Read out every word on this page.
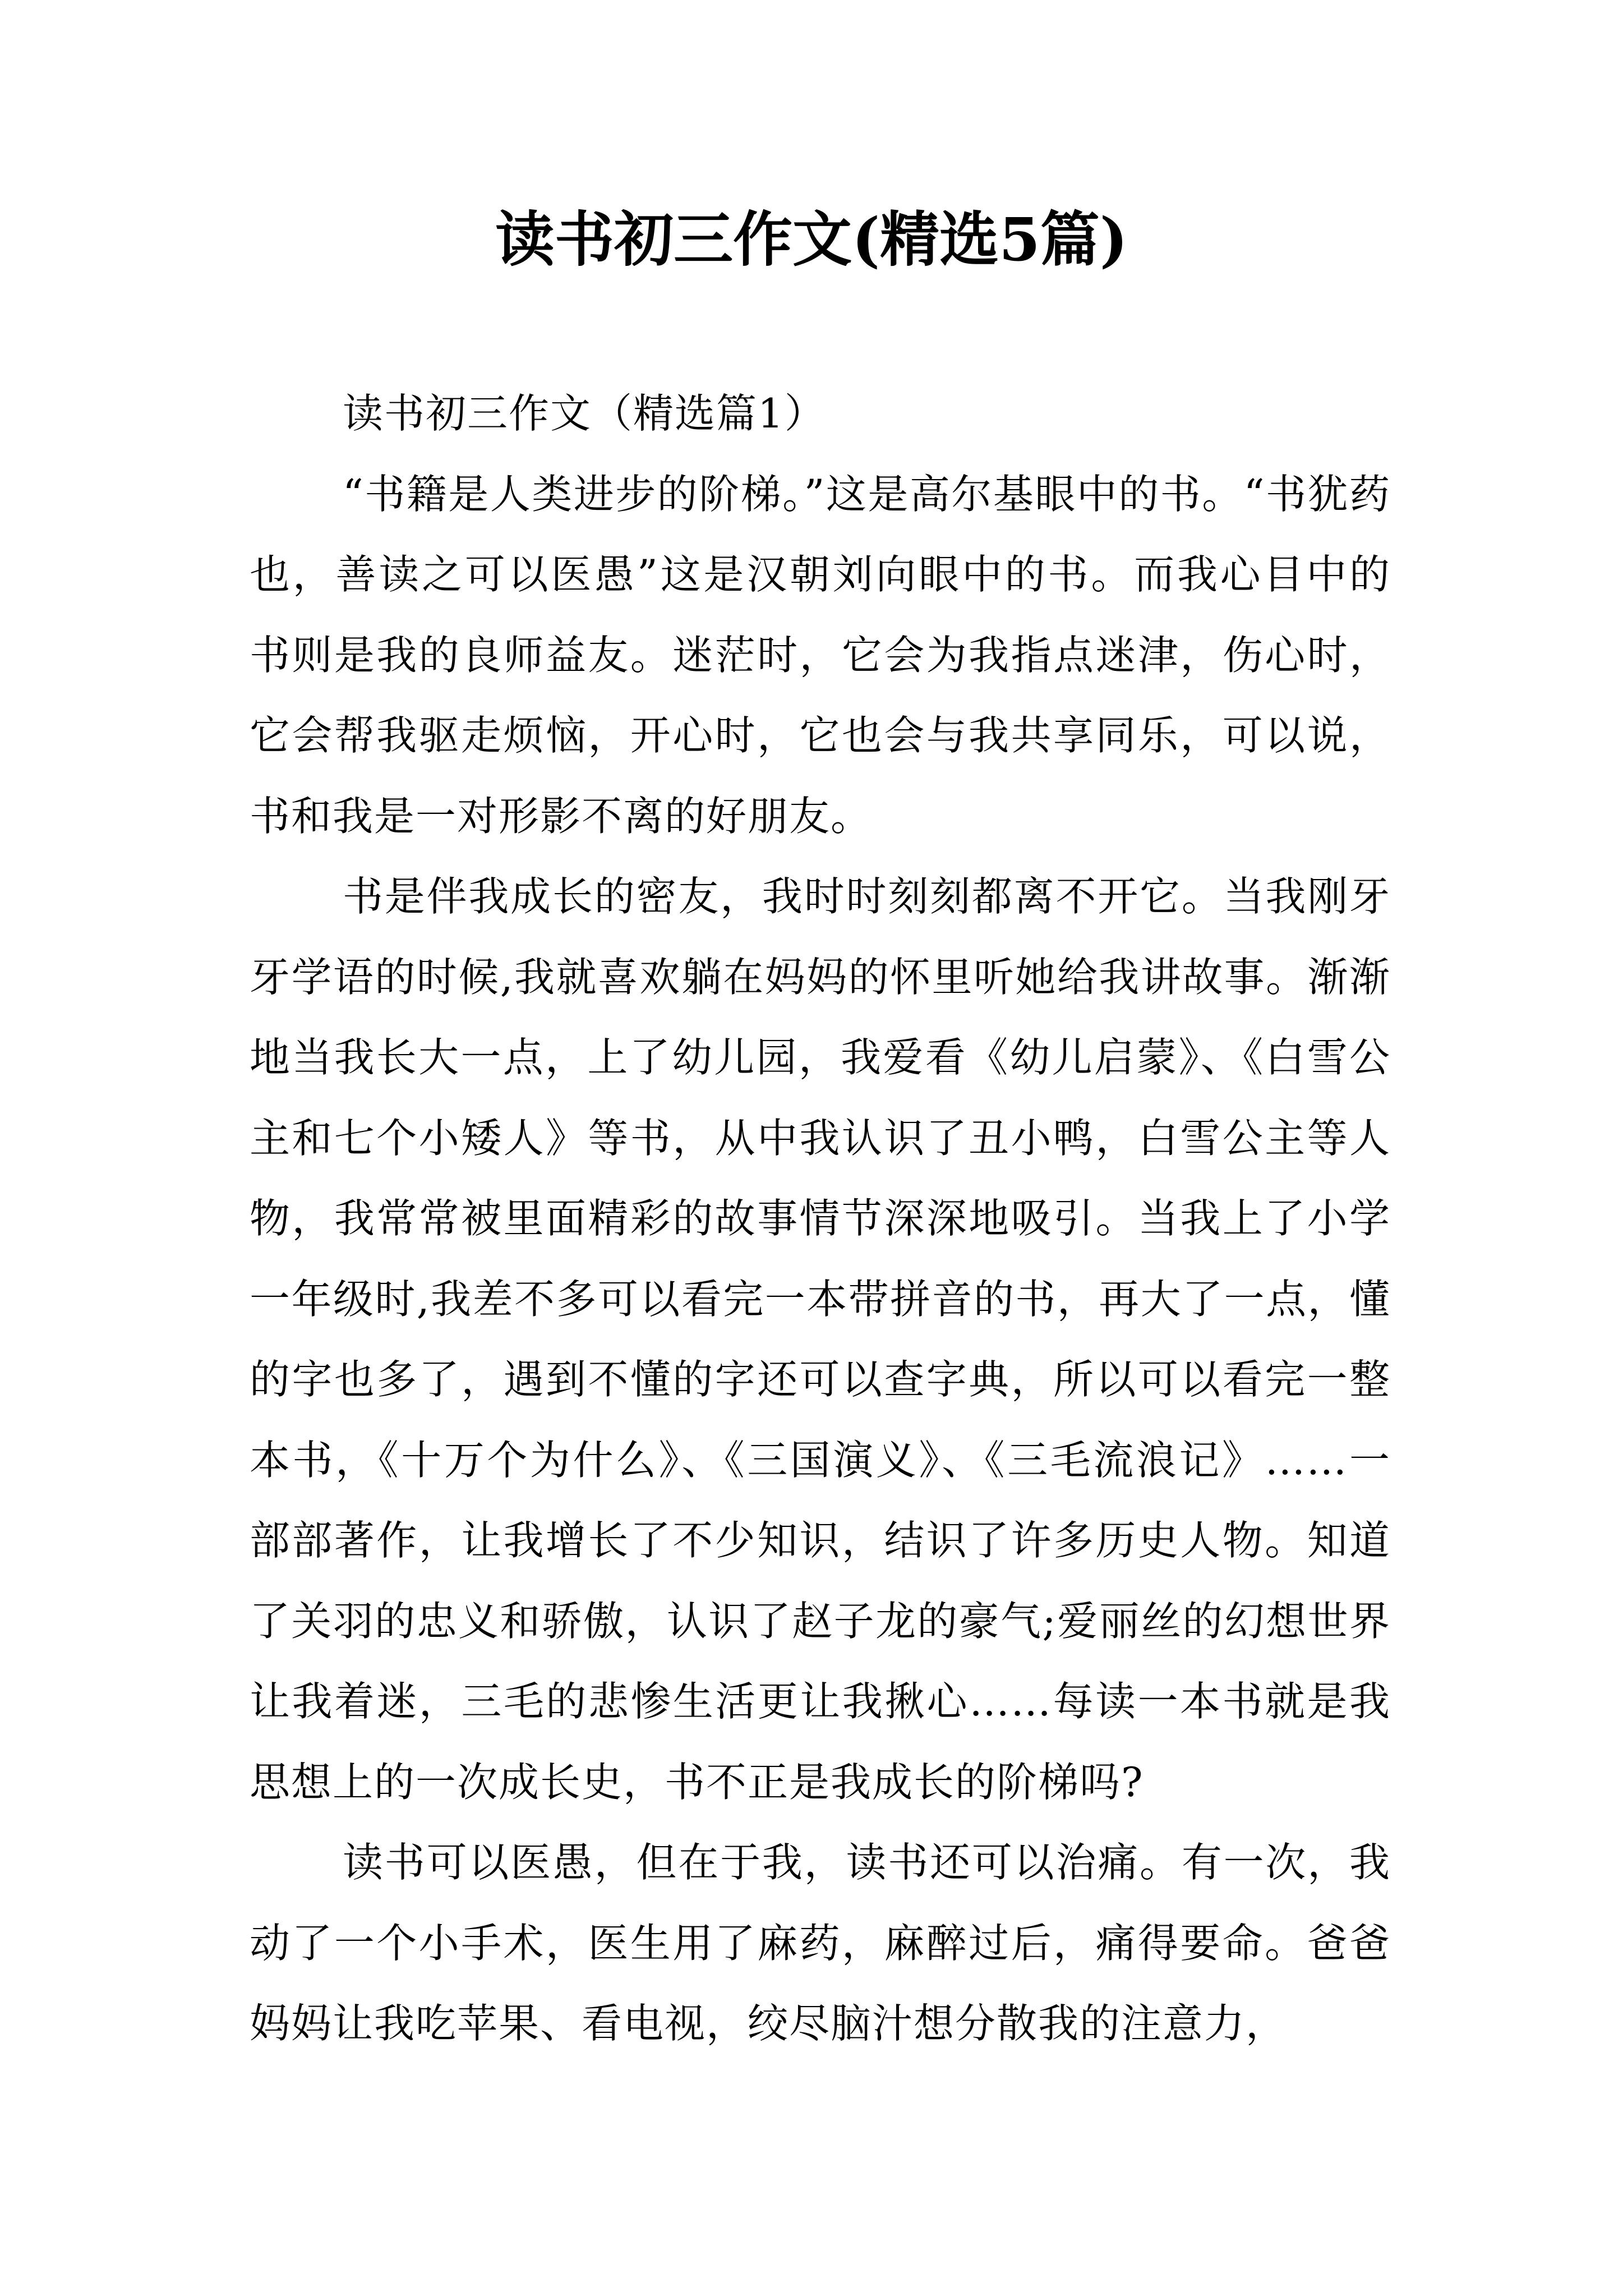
读书初三作文(精选5篇)

读书初三作文（精选篇1）

“书籍是人类进步的阶梯。”这是高尔基眼中的书。“书犹药也，善读之可以医愚”这是汉朝刘向眼中的书。而我心目中的书则是我的良师益友。迷茫时，它会为我指点迷津，伤心时，它会帮我驱走烦恼，开心时，它也会与我共享同乐，可以说，书和我是一对形影不离的好朋友。

书是伴我成长的密友，我时时刻刻都离不开它。当我刚牙牙学语的时候,我就喜欢躺在妈妈的怀里听她给我讲故事。渐渐地当我长大一点，上了幼儿园，我爱看《幼儿启蒙》、《白雪公主和七个小矮人》等书，从中我认识了丑小鸭，白雪公主等人物，我常常被里面精彩的故事情节深深地吸引。当我上了小学一年级时,我差不多可以看完一本带拼音的书，再大了一点，懂的字也多了，遇到不懂的字还可以查字典，所以可以看完一整本书，《十万个为什么》、《三国演义》、《三毛流浪记》……一部部著作，让我增长了不少知识，结识了许多历史人物。知道了关羽的忠义和骄傲，认识了赵子龙的豪气;爱丽丝的幻想世界让我着迷，三毛的悲惨生活更让我揪心……每读一本书就是我思想上的一次成长史，书不正是我成长的阶梯吗?

读书可以医愚，但在于我，读书还可以治痛。有一次，我动了一个小手术，医生用了麻药，麻醉过后，痛得要命。爸爸妈妈让我吃苹果、看电视，绞尽脑汁想分散我的注意力，
